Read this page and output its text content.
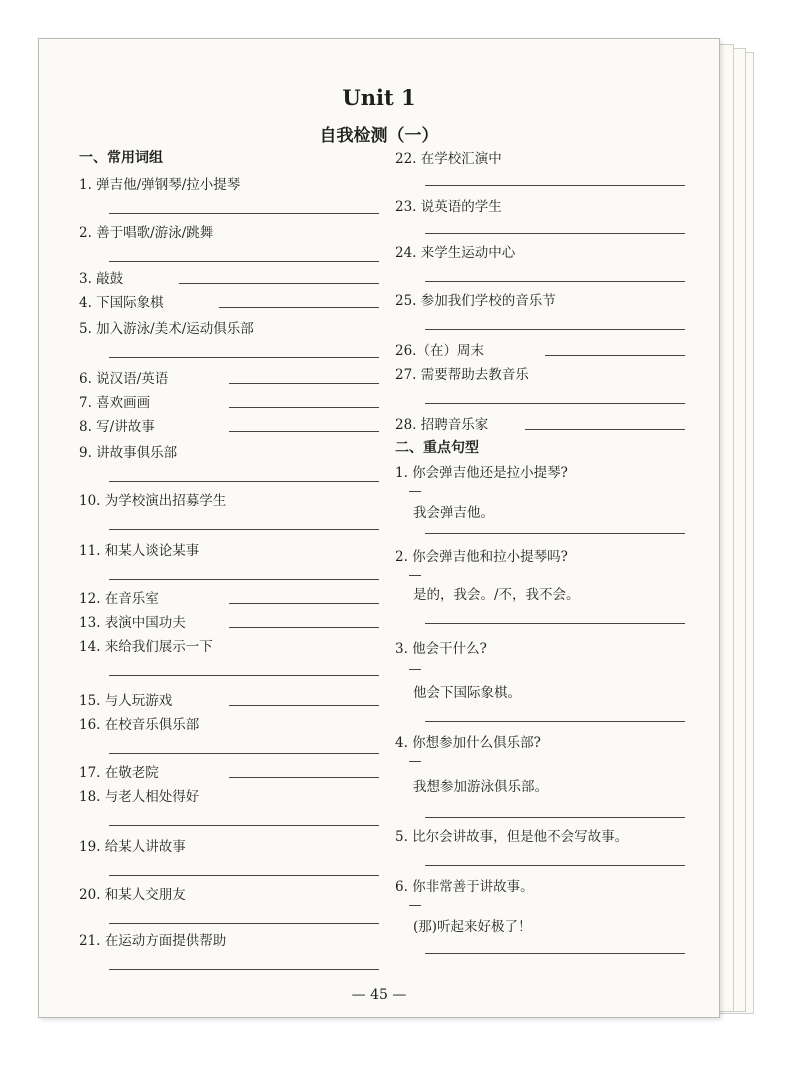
Unit 1
自我检测（一）
一、常用词组
1. 弹吉他/弹钢琴/拉小提琴
2. 善于唱歌/游泳/跳舞
3. 敲鼓
4. 下国际象棋
5. 加入游泳/美术/运动俱乐部
6. 说汉语/英语
7. 喜欢画画
8. 写/讲故事
9. 讲故事俱乐部
10. 为学校演出招募学生
11. 和某人谈论某事
12. 在音乐室
13. 表演中国功夫
14. 来给我们展示一下
15. 与人玩游戏
16. 在校音乐俱乐部
17. 在敬老院
18. 与老人相处得好
19. 给某人讲故事
20. 和某人交朋友
21. 在运动方面提供帮助
22. 在学校汇演中
23. 说英语的学生
24. 来学生运动中心
25. 参加我们学校的音乐节
26.（在）周末
27. 需要帮助去教音乐
28. 招聘音乐家
二、重点句型
1. 你会弹吉他还是拉小提琴?
我会弹吉他。
2. 你会弹吉他和拉小提琴吗?
是的，我会。/不，我不会。
3. 他会干什么?
他会下国际象棋。
4. 你想参加什么俱乐部?
我想参加游泳俱乐部。
5. 比尔会讲故事，但是他不会写故事。
6. 你非常善于讲故事。
(那)听起来好极了！
— 45 —
